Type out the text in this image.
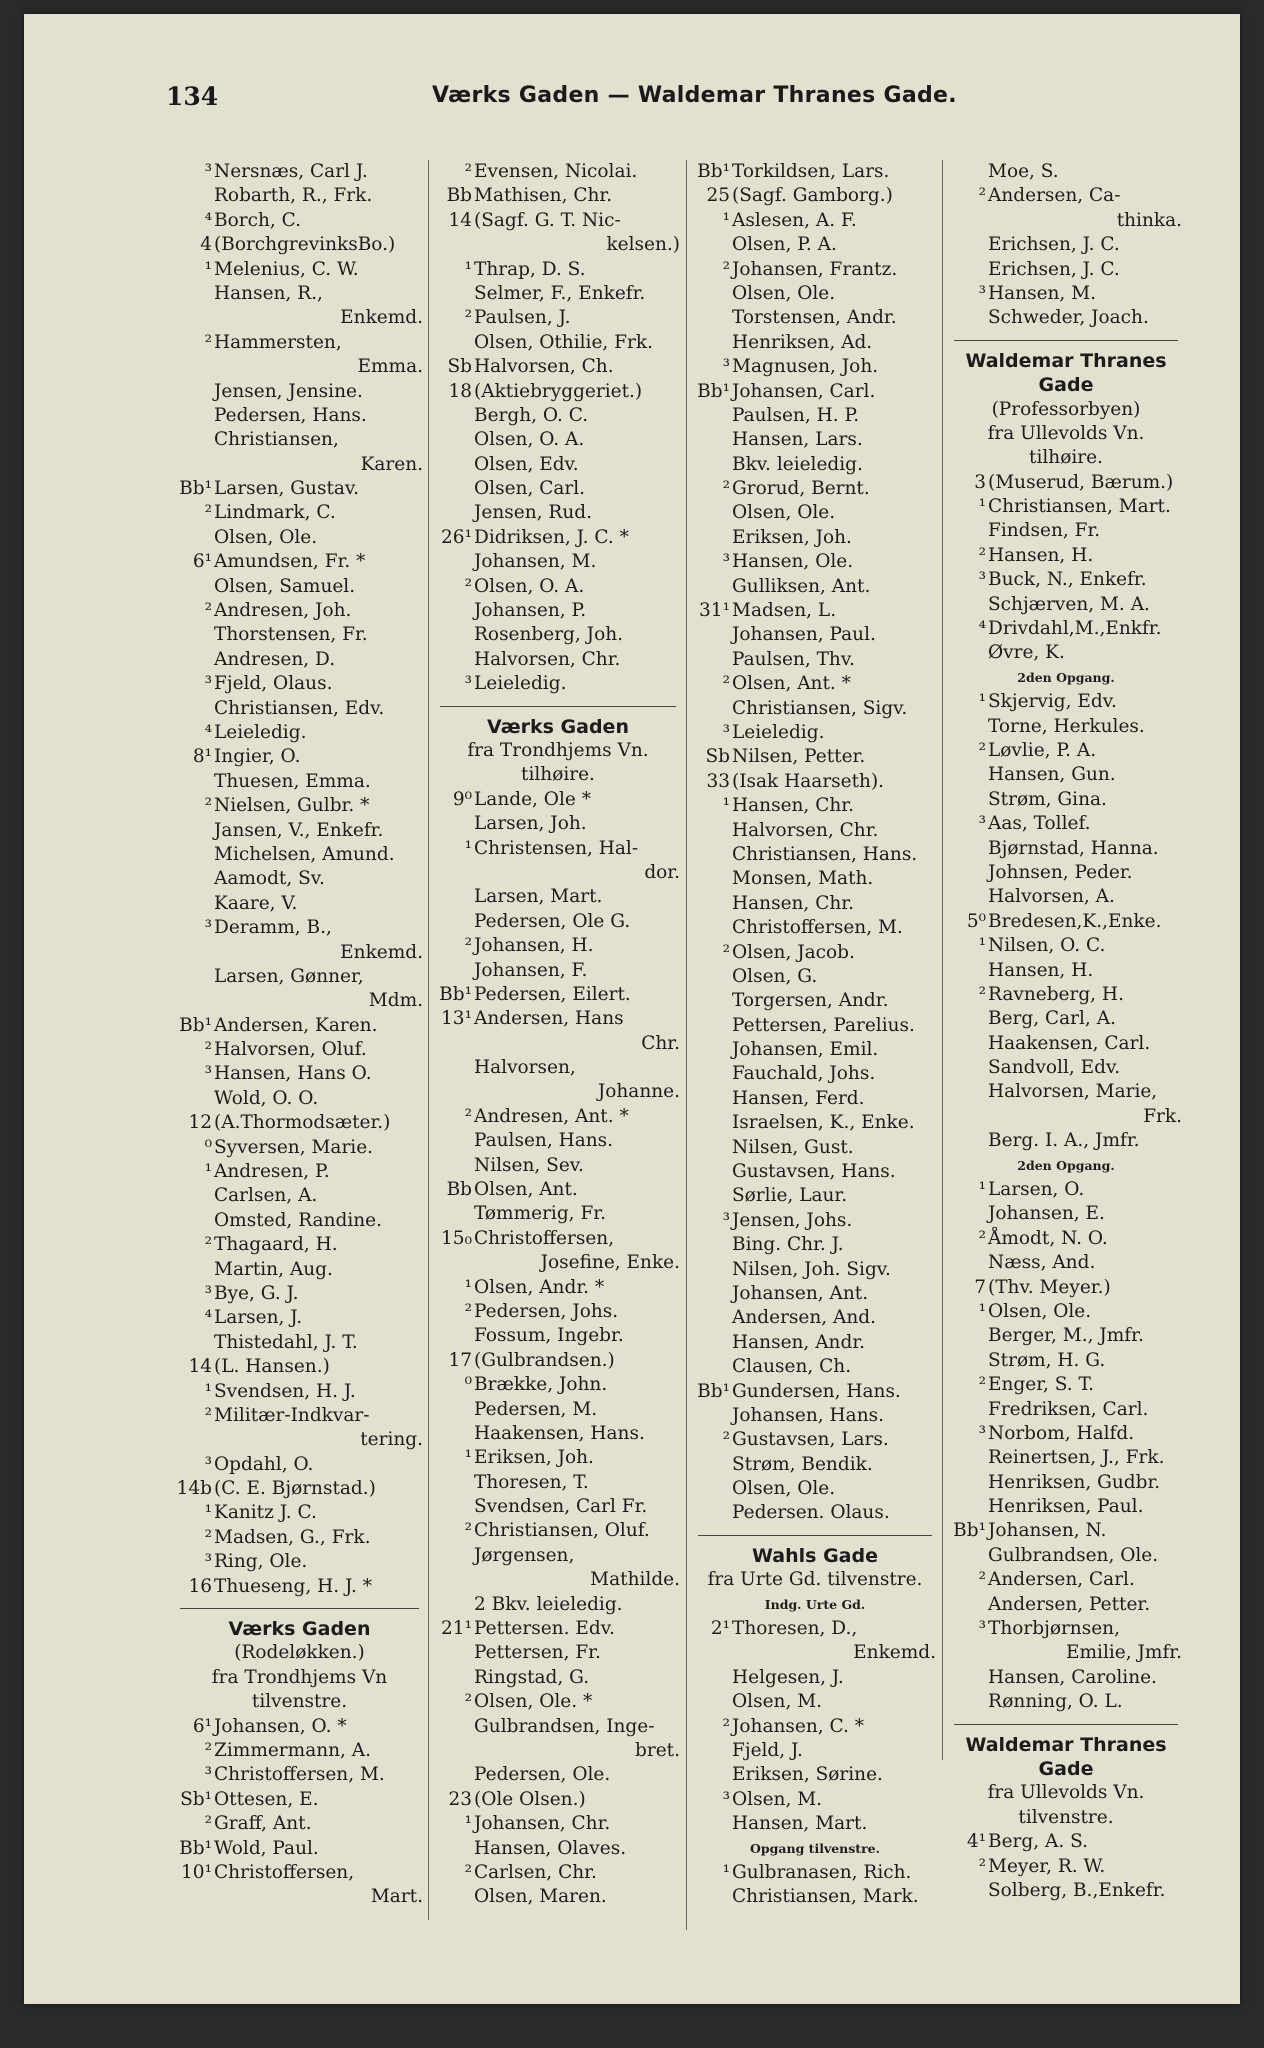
134	Værks Gaden — Waldemar Thranes Gade.
³ Nersnæs, Carl J.
Robarth, R., Frk.
⁴ Borch, C.
4 (BorchgrevinksBo.)
¹ Melenius, C. W.
Hansen, R.,
Enkemd.
² Hammersten,
Emma.
Jensen, Jensine.
Pedersen, Hans.
Christiansen,
Karen.
Bb¹ Larsen, Gustav.
² Lindmark, C.
Olsen, Ole.
6¹ Amundsen, Fr. *
Olsen, Samuel.
² Andresen, Joh.
Thorstensen, Fr.
Andresen, D.
³ Fjeld, Olaus.
Christiansen, Edv.
⁴ Leieledig.
8¹ Ingier, O.
Thuesen, Emma.
² Nielsen, Gulbr. *
Jansen, V., Enkefr.
Michelsen, Amund.
Aamodt, Sv.
Kaare, V.
³ Deramm, B.,
Enkemd.
Larsen, Gønner,
Mdm.
Bb¹ Andersen, Karen.
² Halvorsen, Oluf.
³ Hansen, Hans O.
Wold, O. O.
12 (A.Thormodsæter.)
⁰ Syversen, Marie.
¹ Andresen, P.
Carlsen, A.
Omsted, Randine.
² Thagaard, H.
Martin, Aug.
³ Bye, G. J.
⁴ Larsen, J.
Thistedahl, J. T.
14 (L. Hansen.)
¹ Svendsen, H. J.
² Militær-Indkvar-
tering.
³ Opdahl, O.
14b (C. E. Bjørnstad.)
¹ Kanitz J. C.
² Madsen, G., Frk.
³ Ring, Ole.
16 Thueseng, H. J. *
Værks Gaden
(Rodeløkken.)
fra Trondhjems Vn
tilvenstre.
6¹ Johansen, O. *
² Zimmermann, A.
³ Christoffersen, M.
Sb¹ Ottesen, E.
² Graff, Ant.
Bb¹ Wold, Paul.
10¹ Christoffersen,
Mart.
² Evensen, Nicolai.
Bb Mathisen, Chr.
14 (Sagf. G. T. Nic-
kelsen.)
¹ Thrap, D. S.
Selmer, F., Enkefr.
² Paulsen, J.
Olsen, Othilie, Frk.
Sb Halvorsen, Ch.
18 (Aktiebryggeriet.)
Bergh, O. C.
Olsen, O. A.
Olsen, Edv.
Olsen, Carl.
Jensen, Rud.
26¹ Didriksen, J. C. *
Johansen, M.
² Olsen, O. A.
Johansen, P.
Rosenberg, Joh.
Halvorsen, Chr.
³ Leieledig.
Værks Gaden
fra Trondhjems Vn.
tilhøire.
9⁰ Lande, Ole *
Larsen, Joh.
¹ Christensen, Hal-
dor.
Larsen, Mart.
Pedersen, Ole G.
² Johansen, H.
Johansen, F.
Bb¹ Pedersen, Eilert.
13¹ Andersen, Hans
Chr.
Halvorsen,
Johanne.
² Andresen, Ant. *
Paulsen, Hans.
Nilsen, Sev.
Bb Olsen, Ant.
Tømmerig, Fr.
15₀ Christoffersen,
Josefine, Enke.
¹ Olsen, Andr. *
² Pedersen, Johs.
Fossum, Ingebr.
17 (Gulbrandsen.)
⁰ Brække, John.
Pedersen, M.
Haakensen, Hans.
¹ Eriksen, Joh.
Thoresen, T.
Svendsen, Carl Fr.
² Christiansen, Oluf.
Jørgensen,
Mathilde.
2 Bkv. leieledig.
21¹ Pettersen. Edv.
Pettersen, Fr.
Ringstad, G.
² Olsen, Ole. *
Gulbrandsen, Inge-
bret.
Pedersen, Ole.
23 (Ole Olsen.)
¹ Johansen, Chr.
Hansen, Olaves.
² Carlsen, Chr.
Olsen, Maren.
Bb¹ Torkildsen, Lars.
25 (Sagf. Gamborg.)
¹ Aslesen, A. F.
Olsen, P. A.
² Johansen, Frantz.
Olsen, Ole.
Torstensen, Andr.
Henriksen, Ad.
³ Magnusen, Joh.
Bb¹ Johansen, Carl.
Paulsen, H. P.
Hansen, Lars.
Bkv. leieledig.
² Grorud, Bernt.
Olsen, Ole.
Eriksen, Joh.
³ Hansen, Ole.
Gulliksen, Ant.
31¹ Madsen, L.
Johansen, Paul.
Paulsen, Thv.
² Olsen, Ant. *
Christiansen, Sigv.
³ Leieledig.
Sb Nilsen, Petter.
33 (Isak Haarseth).
¹ Hansen, Chr.
Halvorsen, Chr.
Christiansen, Hans.
Monsen, Math.
Hansen, Chr.
Christoffersen, M.
² Olsen, Jacob.
Olsen, G.
Torgersen, Andr.
Pettersen, Parelius.
Johansen, Emil.
Fauchald, Johs.
Hansen, Ferd.
Israelsen, K., Enke.
Nilsen, Gust.
Gustavsen, Hans.
Sørlie, Laur.
³ Jensen, Johs.
Bing. Chr. J.
Nilsen, Joh. Sigv.
Johansen, Ant.
Andersen, And.
Hansen, Andr.
Clausen, Ch.
Bb¹ Gundersen, Hans.
Johansen, Hans.
² Gustavsen, Lars.
Strøm, Bendik.
Olsen, Ole.
Pedersen. Olaus.
Wahls Gade
fra Urte Gd. tilvenstre.
Indg. Urte Gd.
2¹ Thoresen, D.,
Enkemd.
Helgesen, J.
Olsen, M.
² Johansen, C. *
Fjeld, J.
Eriksen, Sørine.
³ Olsen, M.
Hansen, Mart.
Opgang tilvenstre.
¹ Gulbranasen, Rich.
Christiansen, Mark.
Moe, S.
² Andersen, Ca-
thinka.
Erichsen, J. C.
Erichsen, J. C.
³ Hansen, M.
Schweder, Joach.
Waldemar Thranes
Gade
(Professorbyen)
fra Ullevolds Vn.
tilhøire.
3 (Muserud, Bærum.)
¹ Christiansen, Mart.
Findsen, Fr.
² Hansen, H.
³ Buck, N., Enkefr.
Schjærven, M. A.
⁴ Drivdahl,M.,Enkfr.
Øvre, K.
2den Opgang.
¹ Skjervig, Edv.
Torne, Herkules.
² Løvlie, P. A.
Hansen, Gun.
Strøm, Gina.
³ Aas, Tollef.
Bjørnstad, Hanna.
Johnsen, Peder.
Halvorsen, A.
5⁰ Bredesen,K.,Enke.
¹ Nilsen, O. C.
Hansen, H.
² Ravneberg, H.
Berg, Carl, A.
Haakensen, Carl.
Sandvoll, Edv.
Halvorsen, Marie,
Frk.
Berg. I. A., Jmfr.
2den Opgang.
¹ Larsen, O.
Johansen, E.
² Åmodt, N. O.
Næss, And.
7 (Thv. Meyer.)
¹ Olsen, Ole.
Berger, M., Jmfr.
Strøm, H. G.
² Enger, S. T.
Fredriksen, Carl.
³ Norbom, Halfd.
Reinertsen, J., Frk.
Henriksen, Gudbr.
Henriksen, Paul.
Bb¹ Johansen, N.
Gulbrandsen, Ole.
² Andersen, Carl.
Andersen, Petter.
³ Thorbjørnsen,
Emilie, Jmfr.
Hansen, Caroline.
Rønning, O. L.
Waldemar Thranes
Gade
fra Ullevolds Vn.
tilvenstre.
4¹ Berg, A. S.
² Meyer, R. W.
Solberg, B.,Enkefr.
